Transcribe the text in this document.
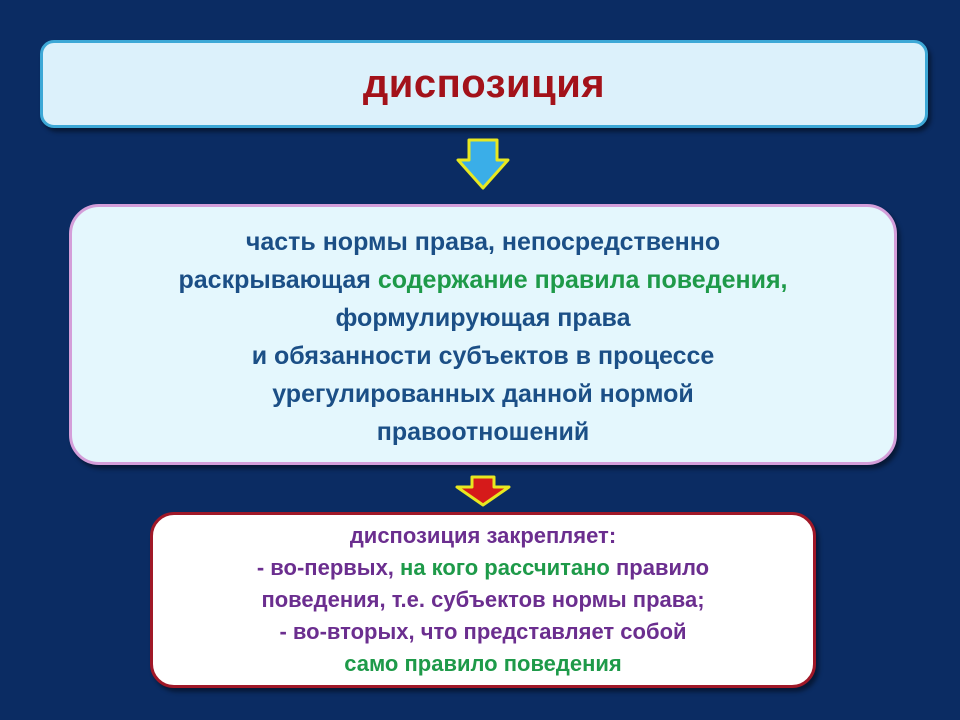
диспозиция
часть нормы права, непосредственно
раскрывающая содержание правила поведения,
формулирующая права
и обязанности субъектов в процессе
урегулированных данной нормой
правоотношений
диспозиция закрепляет:
- во-первых, на кого рассчитано правило
поведения, т.е. субъектов нормы права;
- во-вторых, что представляет собой
само правило поведения
